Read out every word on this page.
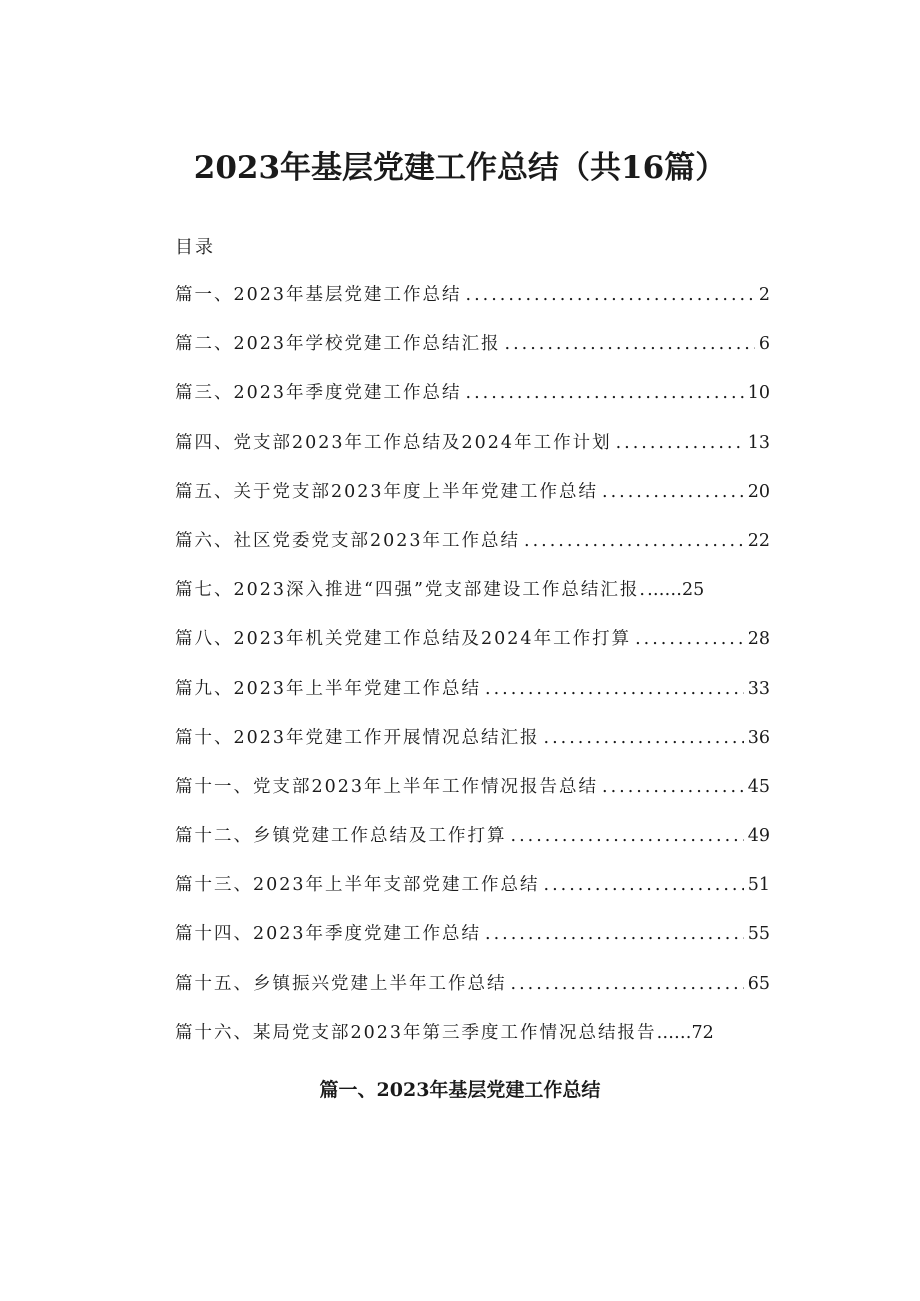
2023年基层党建工作总结（共16篇）
目录
篇一、2023年基层党建工作总结 .....	2
篇二、2023年学校党建工作总结汇报 .....	6
篇三、2023年季度党建工作总结 .....	10
篇四、党支部2023年工作总结及2024年工作计划 .....	13
篇五、关于党支部2023年度上半年党建工作总结 .....	20
篇六、社区党委党支部2023年工作总结 .....	22
篇七、2023深入推进“四强”党支部建设工作总结汇报. ……25
篇八、2023年机关党建工作总结及2024年工作打算 .....	28
篇九、2023年上半年党建工作总结 .....	33
篇十、2023年党建工作开展情况总结汇报 .....	36
篇十一、党支部2023年上半年工作情况报告总结 .....	45
篇十二、乡镇党建工作总结及工作打算 .....	49
篇十三、2023年上半年支部党建工作总结 .....	51
篇十四、2023年季度党建工作总结 .....	55
篇十五、乡镇振兴党建上半年工作总结 .....	65
篇十六、某局党支部2023年第三季度工作情况总结报告 ……72
篇一、2023年基层党建工作总结
